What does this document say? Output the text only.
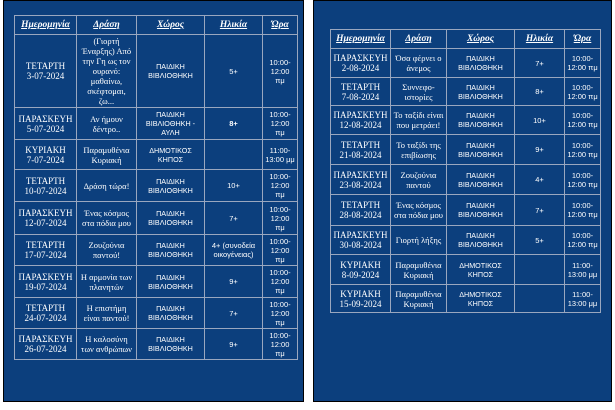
Ημερομηνία	Δράση	Χώρος	Ηλικία	Ώρα

ΤΕΤΑΡΤΗ
3-07-2024	(Γιορτή Έναρξης) Από την Γη ως τον ουρανό: μαθαίνω, σκέφτομαι, ζω...	ΠΑΙΔΙΚΗ ΒΙΒΛΙΟΘΗΚΗ	5+	10:00- 12:00 πμ

ΠΑΡΑΣΚΕΥΗ
5-07-2024	Αν ήμουν δέντρο..	ΠΑΙΔΙΚΗ ΒΙΒΛΙΟΘΗΚΗ - ΑΥΛΗ	8+	10:00- 12:00 πμ

ΚΥΡΙΑΚΗ
7-07-2024	Παραμυθένια Κυριακή	ΔΗΜΟΤΙΚΟΣ ΚΗΠΟΣ		11:00- 13:00 μμ

ΤΕΤΑΡΤΗ
10-07-2024	Δράση τώρα!	ΠΑΙΔΙΚΗ ΒΙΒΛΙΟΘΗΚΗ	10+	10:00- 12:00 πμ

ΠΑΡΑΣΚΕΥΗ
12-07-2024	Ένας κόσμος στα πόδια μου	ΠΑΙΔΙΚΗ ΒΙΒΛΙΟΘΗΚΗ	7+	10:00- 12:00 πμ

ΤΕΤΑΡΤΗ
17-07-2024	Ζουζούνια παντού!	ΠΑΙΔΙΚΗ ΒΙΒΛΙΟΘΗΚΗ	4+ (συνοδεία οικογένειας)	10:00- 12:00 πμ

ΠΑΡΑΣΚΕΥΗ
19-07-2024	Η αρμονία των πλανητών	ΠΑΙΔΙΚΗ ΒΙΒΛΙΟΘΗΚΗ	9+	10:00- 12:00 πμ

ΤΕΤΑΡΤΗ
24-07-2024	Η επιστήμη είναι παντού!	ΠΑΙΔΙΚΗ ΒΙΒΛΙΟΘΗΚΗ	7+	10:00- 12:00 πμ

ΠΑΡΑΣΚΕΥΗ
26-07-2024	Η καλοσύνη των ανθρώπων	ΠΑΙΔΙΚΗ ΒΙΒΛΙΟΘΗΚΗ	9+	10:00- 12:00 πμ
Ημερομηνία	Δράση	Χώρος	Ηλικία	Ώρα

ΠΑΡΑΣΚΕΥΗ
2-08-2024	Όσα φέρνει ο άνεμος	ΠΑΙΔΙΚΗ ΒΙΒΛΙΟΘΗΚΗ	7+	10:00- 12:00 πμ

ΤΕΤΑΡΤΗ
7-08-2024	Συννεφο- ιστορίες	ΠΑΙΔΙΚΗ ΒΙΒΛΙΟΘΗΚΗ	8+	10:00- 12:00 πμ

ΠΑΡΑΣΚΕΥΗ
12-08-2024	Το ταξίδι είναι που μετράει!	ΠΑΙΔΙΚΗ ΒΙΒΛΙΟΘΗΚΗ	10+	10:00- 12:00 πμ

ΤΕΤΑΡΤΗ
21-08-2024	Το ταξίδι της επιβίωσης	ΠΑΙΔΙΚΗ ΒΙΒΛΙΟΘΗΚΗ	9+	10:00- 12:00 πμ

ΠΑΡΑΣΚΕΥΗ
23-08-2024	Ζουζούνια παντού	ΠΑΙΔΙΚΗ ΒΙΒΛΙΟΘΗΚΗ	4+	10:00- 12:00 πμ

ΤΕΤΑΡΤΗ
28-08-2024	Ένας κόσμος στα πόδια μου	ΠΑΙΔΙΚΗ ΒΙΒΛΙΟΘΗΚΗ	7+	10:00- 12:00 πμ

ΠΑΡΑΣΚΕΥΗ
30-08-2024	Γιορτή λήξης	ΠΑΙΔΙΚΗ ΒΙΒΛΙΟΘΗΚΗ	5+	10:00- 12:00 πμ

ΚΥΡΙΑΚΗ
8-09-2024	Παραμυθένια Κυριακή	ΔΗΜΟΤΙΚΟΣ ΚΗΠΟΣ		11:00- 13:00 μμ

ΚΥΡΙΑΚΗ
15-09-2024	Παραμυθένια Κυριακή	ΔΗΜΟΤΙΚΟΣ ΚΗΠΟΣ		11:00- 13:00 μμ
